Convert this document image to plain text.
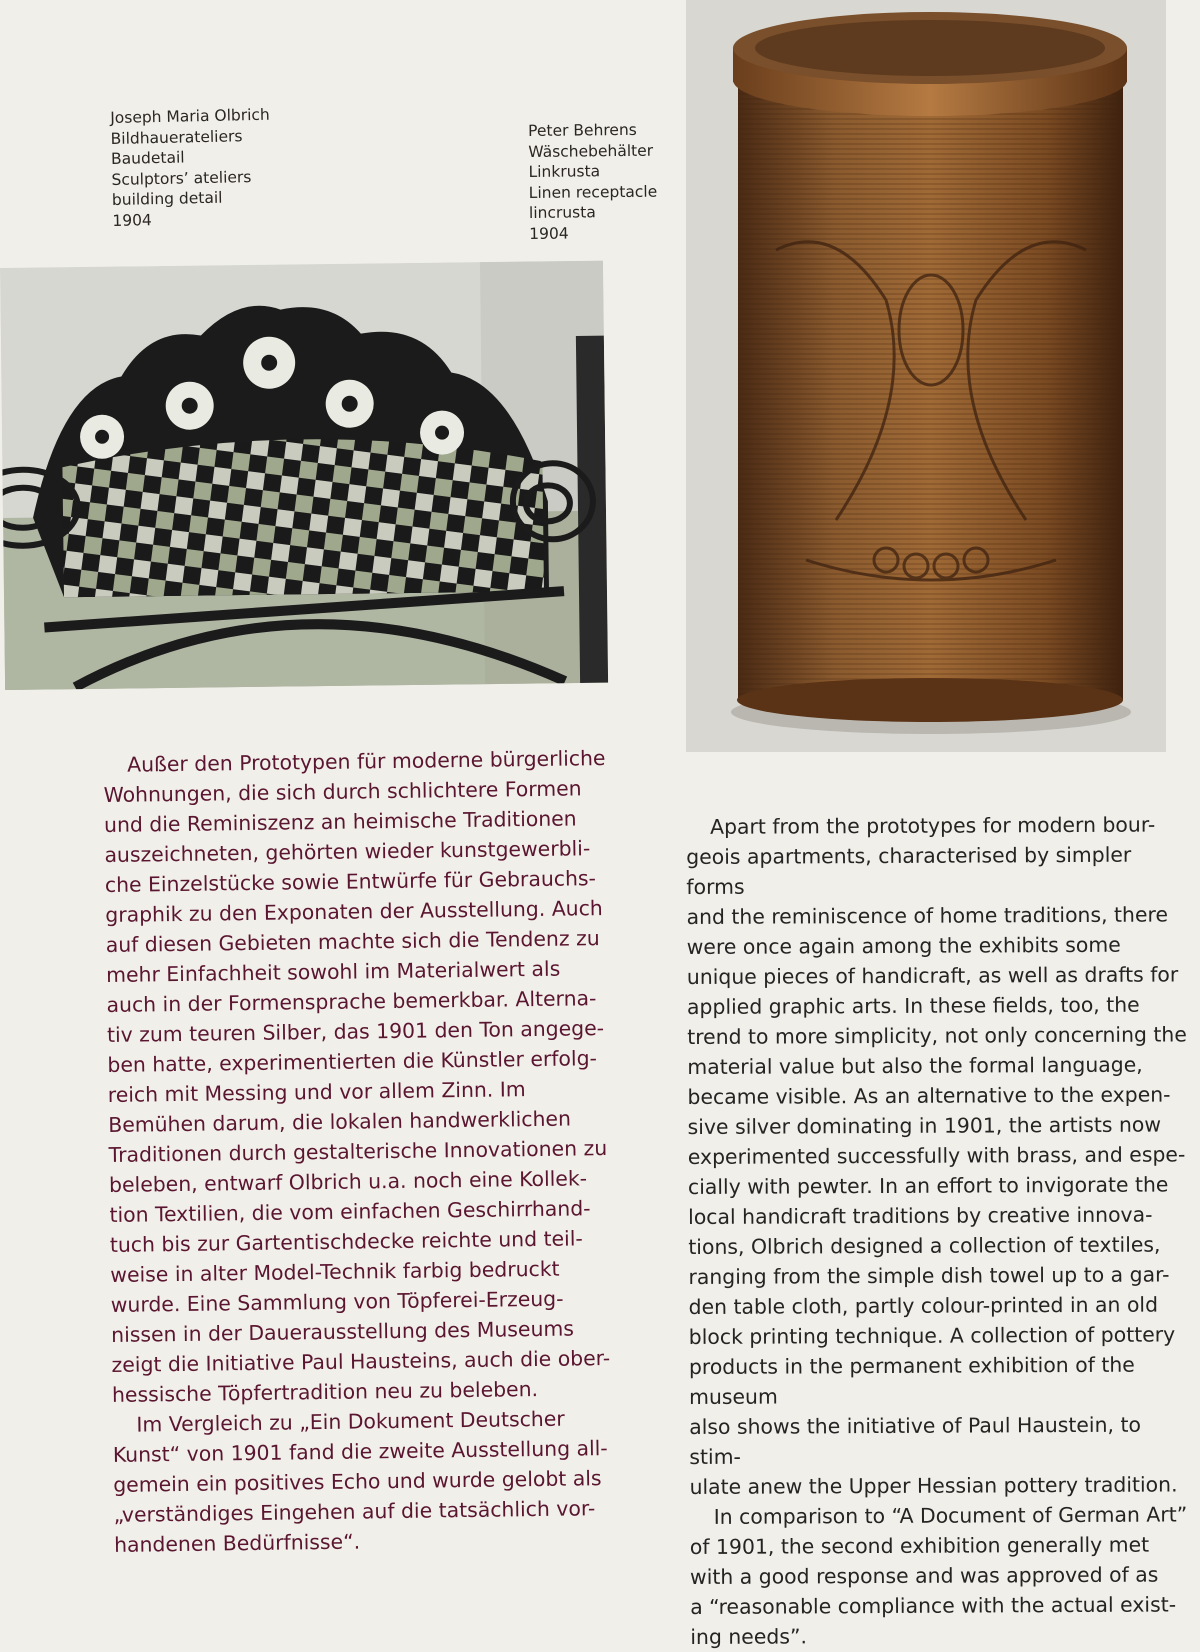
Joseph Maria Olbrich
Bildhauerateliers
Baudetail
Sculptors’ ateliers
building detail
1904
Peter Behrens
Wäschebehälter
Linkrusta
Linen receptacle
lincrusta
1904

Außer den Prototypen für moderne bürgerliche
Wohnungen, die sich durch schlichtere Formen
und die Reminiszenz an heimische Traditionen
auszeichneten, gehörten wieder kunstgewerbli-
che Einzelstücke sowie Entwürfe für Gebrauchs-
graphik zu den Exponaten der Ausstellung. Auch
auf diesen Gebieten machte sich die Tendenz zu
mehr Einfachheit sowohl im Materialwert als
auch in der Formensprache bemerkbar. Alterna-
tiv zum teuren Silber, das 1901 den Ton angege-
ben hatte, experimentierten die Künstler erfolg-
reich mit Messing und vor allem Zinn. Im
Bemühen darum, die lokalen handwerklichen
Traditionen durch gestalterische Innovationen zu
beleben, entwarf Olbrich u.a. noch eine Kollek-
tion Textilien, die vom einfachen Geschirrhand-
tuch bis zur Gartentischdecke reichte und teil-
weise in alter Model-Technik farbig bedruckt
wurde. Eine Sammlung von Töpferei-Erzeug-
nissen in der Dauerausstellung des Museums
zeigt die Initiative Paul Hausteins, auch die ober-
hessische Töpfertradition neu zu beleben.

Im Vergleich zu „Ein Dokument Deutscher
Kunst“ von 1901 fand die zweite Ausstellung all-
gemein ein positives Echo und wurde gelobt als
„verständiges Eingehen auf die tatsächlich vor-
handenen Bedürfnisse“.

Apart from the prototypes for modern bour-
geois apartments, characterised by simpler forms
and the reminiscence of home traditions, there
were once again among the exhibits some
unique pieces of handicraft, as well as drafts for
applied graphic arts. In these fields, too, the
trend to more simplicity, not only concerning the
material value but also the formal language,
became visible. As an alternative to the expen-
sive silver dominating in 1901, the artists now
experimented successfully with brass, and espe-
cially with pewter. In an effort to invigorate the
local handicraft traditions by creative innova-
tions, Olbrich designed a collection of textiles,
ranging from the simple dish towel up to a gar-
den table cloth, partly colour-printed in an old
block printing technique. A collection of pottery
products in the permanent exhibition of the museum
also shows the initiative of Paul Haustein, to stim-
ulate anew the Upper Hessian pottery tradition.

In comparison to “A Document of German Art”
of 1901, the second exhibition generally met
with a good response and was approved of as
a “reasonable compliance with the actual exist-
ing needs”.
